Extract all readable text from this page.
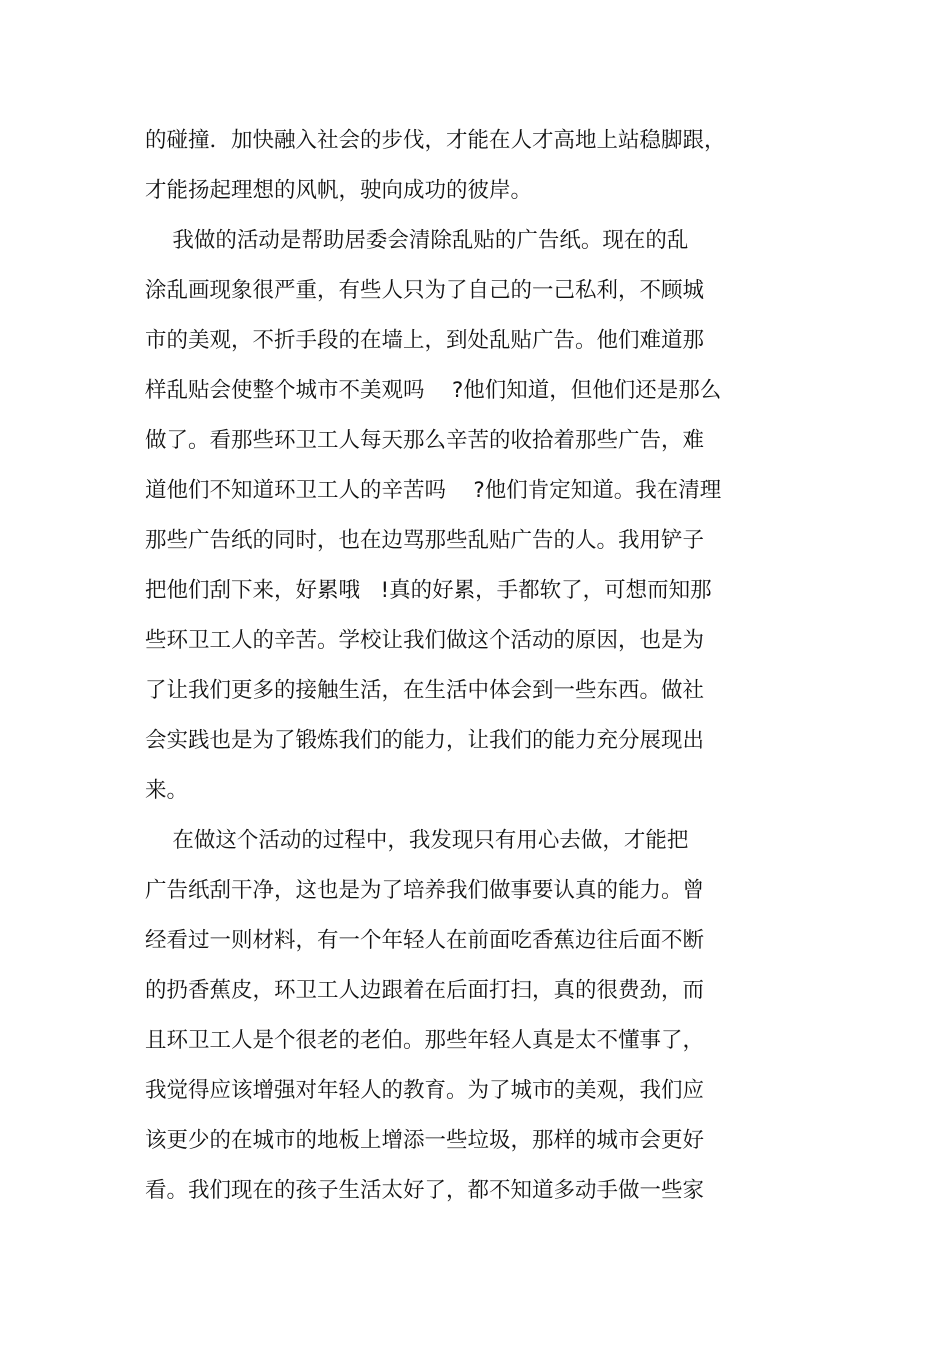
的碰撞．加快融入社会的步伐，才能在人才高地上站稳脚跟，

才能扬起理想的风帆，驶向成功的彼岸。

我做的活动是帮助居委会清除乱贴的广告纸。现在的乱

涂乱画现象很严重，有些人只为了自己的一己私利，不顾城

市的美观，不折手段的在墙上，到处乱贴广告。他们难道那

样乱贴会使整个城市不美观吗    ?他们知道，但他们还是那么

做了。看那些环卫工人每天那么辛苦的收拾着那些广告，难

道他们不知道环卫工人的辛苦吗    ?他们肯定知道。我在清理

那些广告纸的同时，也在边骂那些乱贴广告的人。我用铲子

把他们刮下来，好累哦   !真的好累，手都软了，可想而知那

些环卫工人的辛苦。学校让我们做这个活动的原因，也是为

了让我们更多的接触生活，在生活中体会到一些东西。做社

会实践也是为了锻炼我们的能力，让我们的能力充分展现出

来。

在做这个活动的过程中，我发现只有用心去做，才能把

广告纸刮干净，这也是为了培养我们做事要认真的能力。曾

经看过一则材料，有一个年轻人在前面吃香蕉边往后面不断

的扔香蕉皮，环卫工人边跟着在后面打扫，真的很费劲，而

且环卫工人是个很老的老伯。那些年轻人真是太不懂事了，

我觉得应该增强对年轻人的教育。为了城市的美观，我们应

该更少的在城市的地板上增添一些垃圾，那样的城市会更好

看。我们现在的孩子生活太好了，都不知道多动手做一些家
